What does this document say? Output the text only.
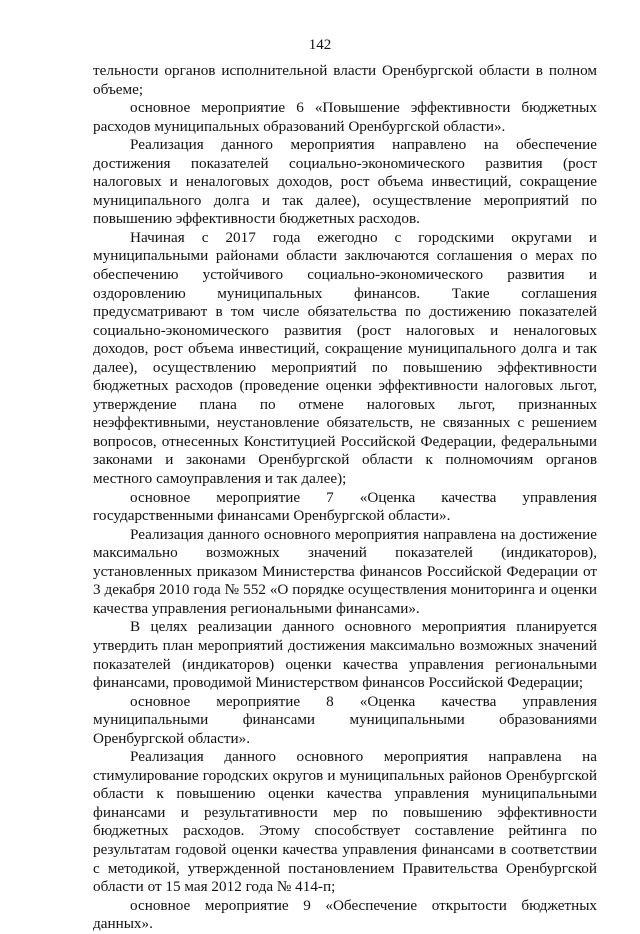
142

тельности органов исполнительной власти Оренбургской области в полном объеме;

основное мероприятие 6 «Повышение эффективности бюджетных расходов муниципальных образований Оренбургской области».

Реализация данного мероприятия направлено на обеспечение достижения показателей социально-экономического развития (рост налоговых и неналоговых доходов, рост объема инвестиций, сокращение муниципального долга и так далее), осуществление мероприятий по повышению эффективности бюджетных расходов.

Начиная с 2017 года ежегодно с городскими округами и муниципальными районами области заключаются соглашения о мерах по обеспечению устойчивого социально-экономического развития и оздоровлению муниципальных финансов. Такие соглашения предусматривают в том числе обязательства по достижению показателей социально-экономического развития (рост налоговых и неналоговых доходов, рост объема инвестиций, сокращение муниципального долга и так далее), осуществлению мероприятий по повышению эффективности бюджетных расходов (проведение оценки эффективности налоговых льгот, утверждение плана по отмене налоговых льгот, признанных неэффективными, неустановление обязательств, не связанных с решением вопросов, отнесенных Конституцией Российской Федерации, федеральными законами и законами Оренбургской области к полномочиям органов местного самоуправления и так далее);

основное мероприятие 7 «Оценка качества управления государственными финансами Оренбургской области».

Реализация данного основного мероприятия направлена на достижение максимально возможных значений показателей (индикаторов), установленных приказом Министерства финансов Российской Федерации от 3 декабря 2010 года № 552 «О порядке осуществления мониторинга и оценки качества управления региональными финансами».

В целях реализации данного основного мероприятия планируется утвердить план мероприятий достижения максимально возможных значений показателей (индикаторов) оценки качества управления региональными финансами, проводимой Министерством финансов Российской Федерации;

основное мероприятие 8 «Оценка качества управления муниципальными финансами муниципальными образованиями Оренбургской области».

Реализация данного основного мероприятия направлена на стимулирование городских округов и муниципальных районов Оренбургской области к повышению оценки качества управления муниципальными финансами и результативности мер по повышению эффективности бюджетных расходов. Этому способствует составление рейтинга по результатам годовой оценки качества управления финансами в соответствии с методикой, утвержденной постановлением Правительства Оренбургской области от 15 мая 2012 года № 414-п;

основное мероприятие 9 «Обеспечение открытости бюджетных данных».
